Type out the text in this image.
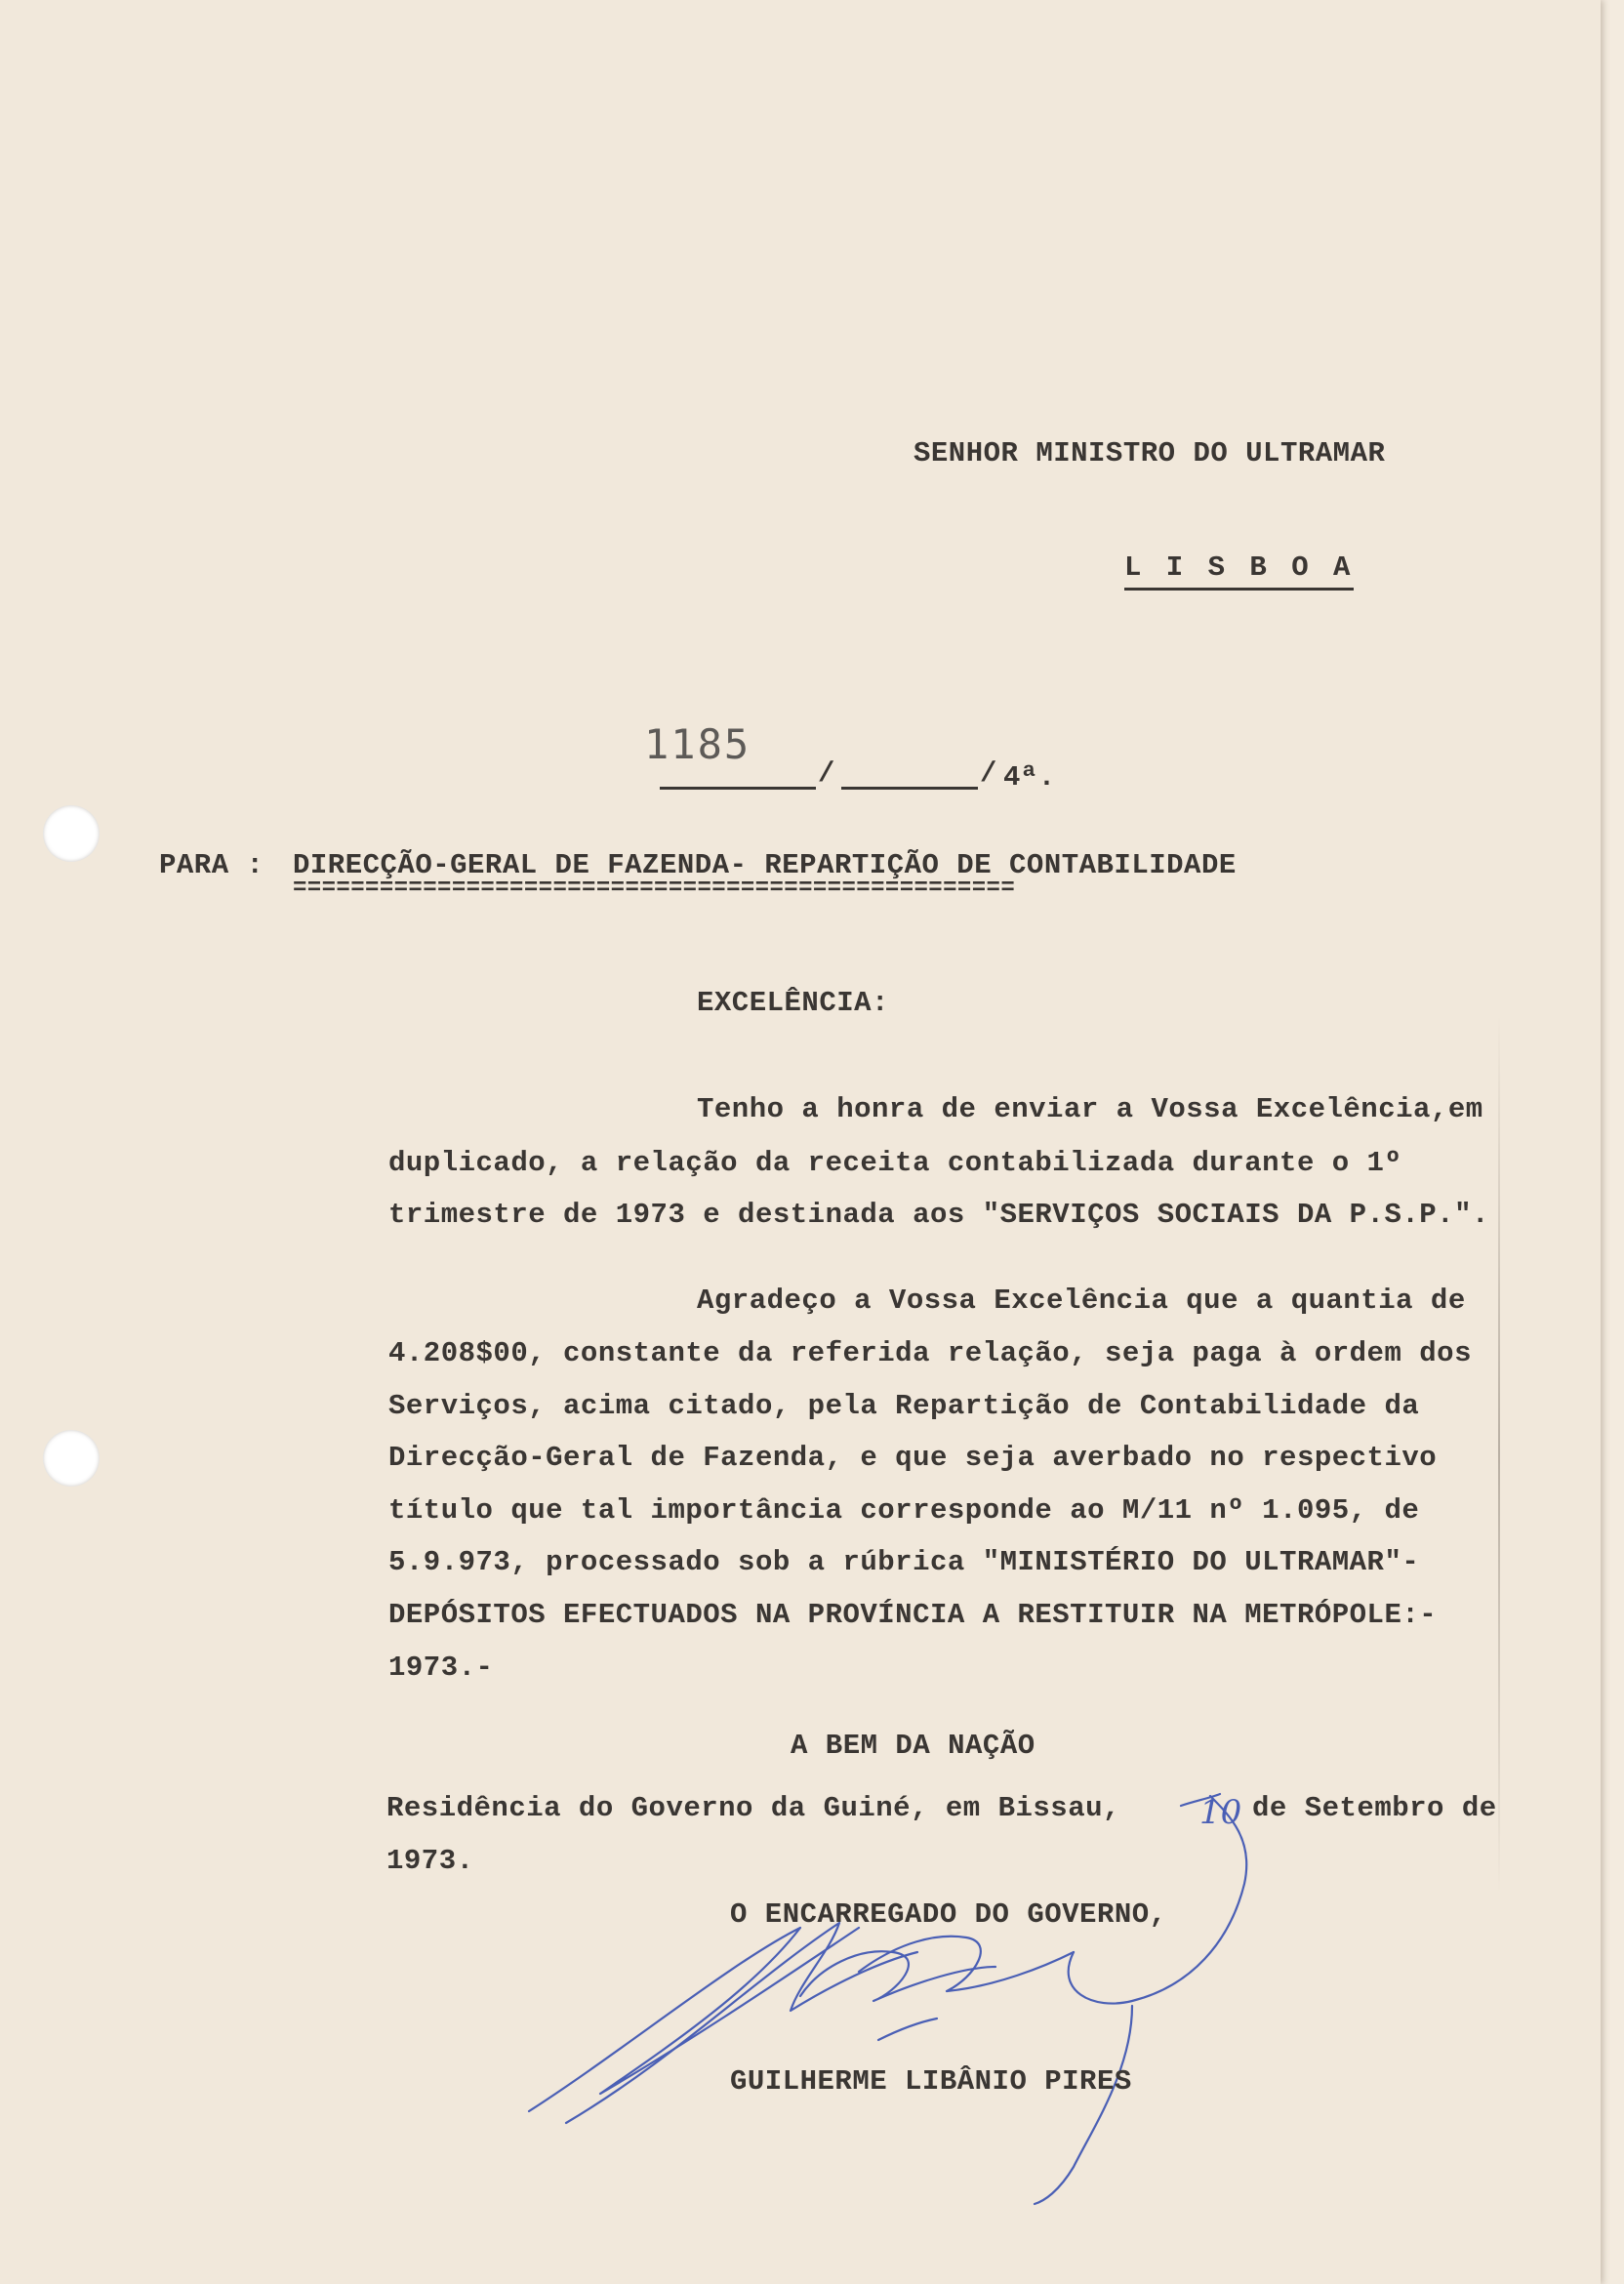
SENHOR MINISTRO DO ULTRAMAR

L I S B O A

1185

/	/ 4ª.

PARA : DIRECÇÃO-GERAL DE FAZENDA- REPARTIÇÃO DE CONTABILIDADE

==================================================

EXCELÊNCIA:

Tenho a honra de enviar a Vossa Excelência,em

duplicado, a relação da receita contabilizada durante o 1º

trimestre de 1973 e destinada aos "SERVIÇOS SOCIAIS DA P.S.P.".

Agradeço a Vossa Excelência que a quantia de

4.208$00, constante da referida relação, seja paga à ordem dos

Serviços, acima citado, pela Repartição de Contabilidade da

Direcção-Geral de Fazenda, e que seja averbado no respectivo

título que tal importância corresponde ao M/11 nº 1.095, de

5.9.973, processado sob a rúbrica "MINISTÉRIO DO ULTRAMAR"-

DEPÓSITOS EFECTUADOS NA PROVÍNCIA A RESTITUIR NA METRÓPOLE:-

1973.-

A BEM DA NAÇÃO

Residência do Governo da Guiné, em Bissau, 10 de Setembro de

1973.

O ENCARREGADO DO GOVERNO,

GUILHERME LIBÂNIO PIRES
